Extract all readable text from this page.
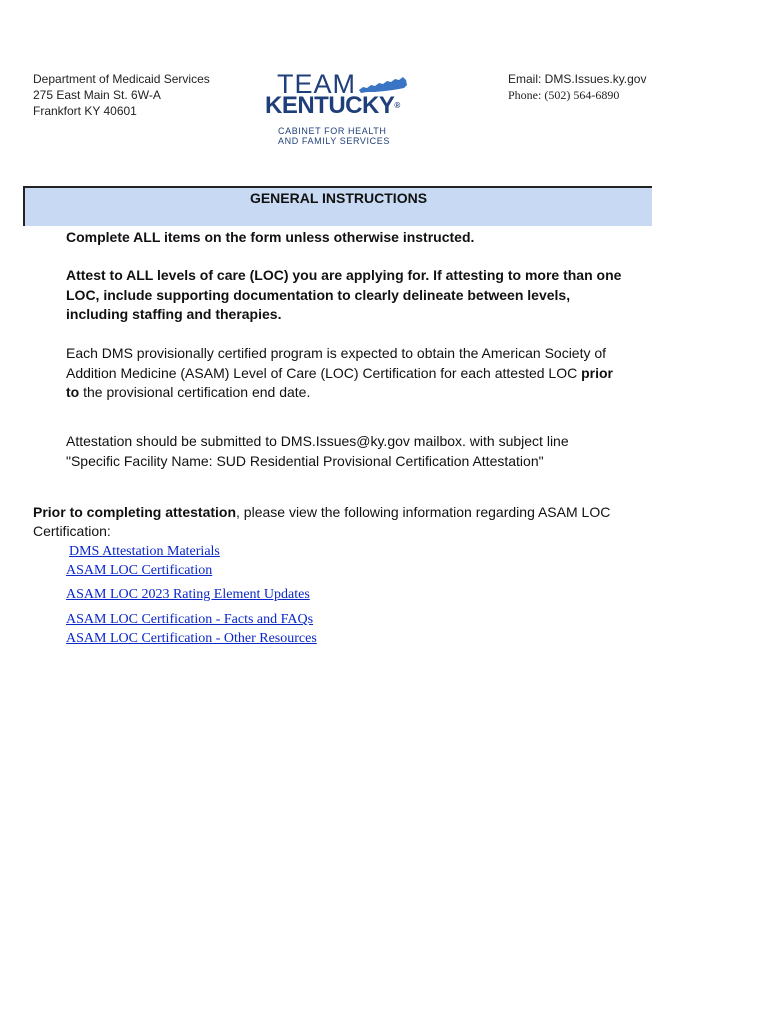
Department of Medicaid Services
275 East Main St. 6W-A
Frankfort KY 40601
TEAM
KENTUCKY®
CABINET FOR HEALTH
AND FAMILY SERVICES
Email: DMS.Issues.ky.gov
Phone: (502) 564-6890
GENERAL INSTRUCTIONS
Complete ALL items on the form unless otherwise instructed.
Attest to ALL levels of care (LOC) you are applying for. If attesting to more than one LOC, include supporting documentation to clearly delineate between levels, including staffing and therapies.
Each DMS provisionally certified program is expected to obtain the American Society of Addition Medicine (ASAM) Level of Care (LOC) Certification for each attested LOC prior to the provisional certification end date.
Attestation should be submitted to DMS.Issues@ky.gov mailbox. with subject line "Specific Facility Name: SUD Residential Provisional Certification Attestation"
Prior to completing attestation, please view the following information regarding ASAM LOC Certification:
DMS Attestation Materials
ASAM LOC Certification
ASAM LOC 2023 Rating Element Updates
ASAM LOC Certification - Facts and FAQs
ASAM LOC Certification - Other Resources
